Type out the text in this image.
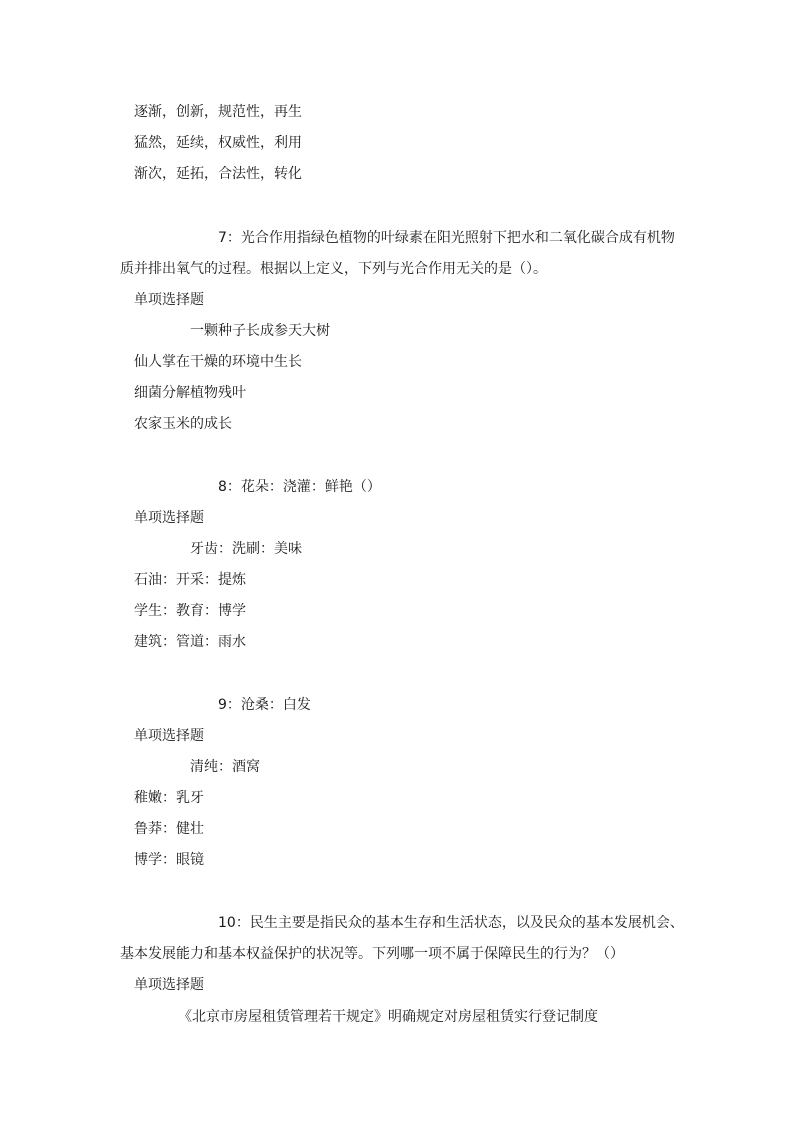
逐渐，创新，规范性，再生
猛然，延续，权威性，利用
渐次，延拓，合法性，转化
7：光合作用指绿色植物的叶绿素在阳光照射下把水和二氧化碳合成有机物
质并排出氧气的过程。根据以上定义，下列与光合作用无关的是（）。
单项选择题
一颗种子长成参天大树
仙人掌在干燥的环境中生长
细菌分解植物残叶
农家玉米的成长
8：花朵：浇灌：鲜艳（）
单项选择题
牙齿：洗刷：美味
石油：开采：提炼
学生：教育：博学
建筑：管道：雨水
9：沧桑：白发
单项选择题
清纯：酒窝
稚嫩：乳牙
鲁莽：健壮
博学：眼镜
10：民生主要是指民众的基本生存和生活状态，以及民众的基本发展机会、
基本发展能力和基本权益保护的状况等。下列哪一项不属于保障民生的行为？（）
单项选择题
《北京市房屋租赁管理若干规定》明确规定对房屋租赁实行登记制度
